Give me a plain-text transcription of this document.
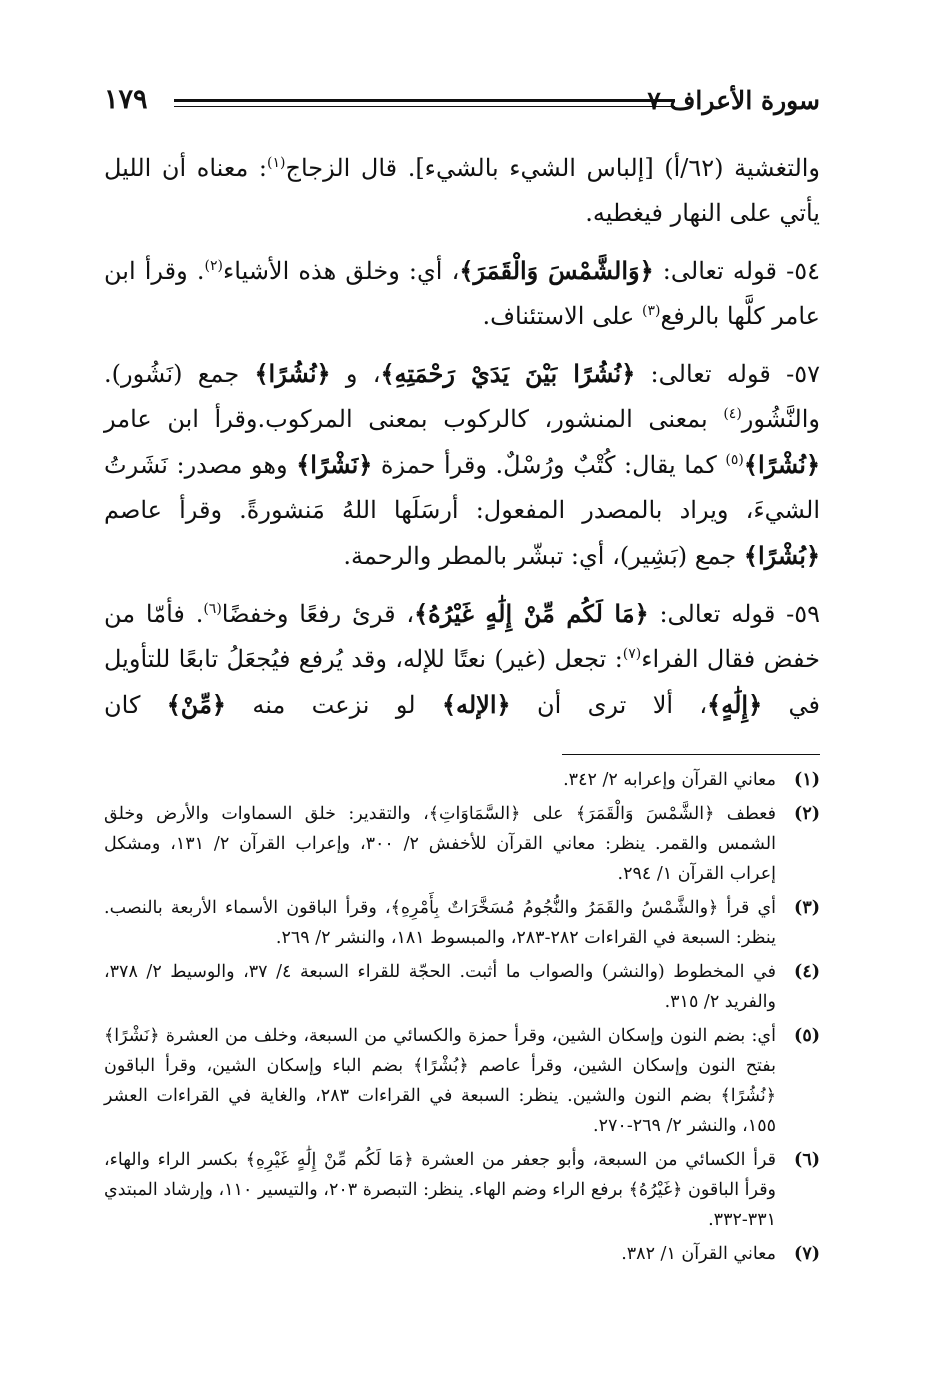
سورة الأعراف ٧
١٧٩

والتغشية (٦٢/أ) [إلباس الشيء بالشيء]. قال الزجاج$^{(١)}$: معناه أن الليل يأتي على النهار فيغطيه.

٥٤- قوله تعالى: ﴿وَالشَّمْسَ وَالْقَمَرَ﴾، أي: وخلق هذه الأشياء$^{(٢)}$. وقرأ ابن عامر كلَّها بالرفع$^{(٣)}$ على الاستئناف.

٥٧- قوله تعالى: ﴿نُشُرًا بَيْنَ يَدَيْ رَحْمَتِهِ﴾، و ﴿نُشُرًا﴾ جمع (نَشُور). والنَّشُور$^{(٤)}$ بمعنى المنشور، كالركوب بمعنى المركوب.وقرأ ابن عامر ﴿نُشْرًا﴾$^{(٥)}$ كما يقال: كُتْبٌ ورُسْلٌ. وقرأ حمزة ﴿نَشْرًا﴾ وهو مصدر: نَشَرتُ الشيءَ، ويراد بالمصدر المفعول: أرسَلَها اللهُ مَنشورةً. وقرأ عاصم ﴿بُشْرًا﴾ جمع (بَشِير)، أي: تبشّر بالمطر والرحمة.

٥٩- قوله تعالى: ﴿مَا لَكُم مِّنْ إِلَٰهٍ غَيْرُهُ﴾، قرئ رفعًا وخفضًا$^{(٦)}$. فأمّا من خفض فقال الفراء$^{(٧)}$: تجعل (غير) نعتًا للإله، وقد يُرفع فيُجعَلُ تابعًا للتأويل في ﴿إِلَٰهٍ﴾، ألا ترى أن ﴿الإله﴾ لو نزعت منه ﴿مِّنْ﴾ كان

(١)
معاني القرآن وإعرابه ٢/ ٣٤٢.
(٢)
فعطف ﴿الشَّمْسَ وَالْقَمَرَ﴾ على ﴿السَّمَاوَاتِ﴾، والتقدير: خلق السماوات والأرض وخلق الشمس والقمر. ينظر: معاني القرآن للأخفش ٢/ ٣٠٠، وإعراب القرآن ٢/ ١٣١، ومشكل إعراب القرآن ١/ ٢٩٤.
(٣)
أي قرأ ﴿والشَّمْسُ والقَمَرُ والنُّجُومُ مُسَخَّرَاتٌ بِأَمْرِهِ﴾، وقرأ الباقون الأسماء الأربعة بالنصب. ينظر: السبعة في القراءات ٢٨٢-٢٨٣، والمبسوط ١٨١، والنشر ٢/ ٢٦٩.
(٤)
في المخطوط (والنشر) والصواب ما أثبت. الحجّة للقراء السبعة ٤/ ٣٧، والوسيط ٢/ ٣٧٨، والفريد ٢/ ٣١٥.
(٥)
أي: بضم النون وإسكان الشين، وقرأ حمزة والكسائي من السبعة، وخلف من العشرة ﴿نَشْرًا﴾ بفتح النون وإسكان الشين، وقرأ عاصم ﴿بُشْرًا﴾ بضم الباء وإسكان الشين، وقرأ الباقون ﴿نُشُرًا﴾ بضم النون والشين. ينظر: السبعة في القراءات ٢٨٣، والغاية في القراءات العشر ١٥٥، والنشر ٢/ ٢٦٩-٢٧٠.
(٦)
قرأ الكسائي من السبعة، وأبو جعفر من العشرة ﴿مَا لَكُم مِّنْ إِلَٰهٍ غَيْرِهِ﴾ بكسر الراء والهاء، وقرأ الباقون ﴿غَيْرُهُ﴾ برفع الراء وضم الهاء. ينظر: التبصرة ٢٠٣، والتيسير ١١٠، وإرشاد المبتدي ٣٣١-٣٣٢.
(٧)
معاني القرآن ١/ ٣٨٢.
